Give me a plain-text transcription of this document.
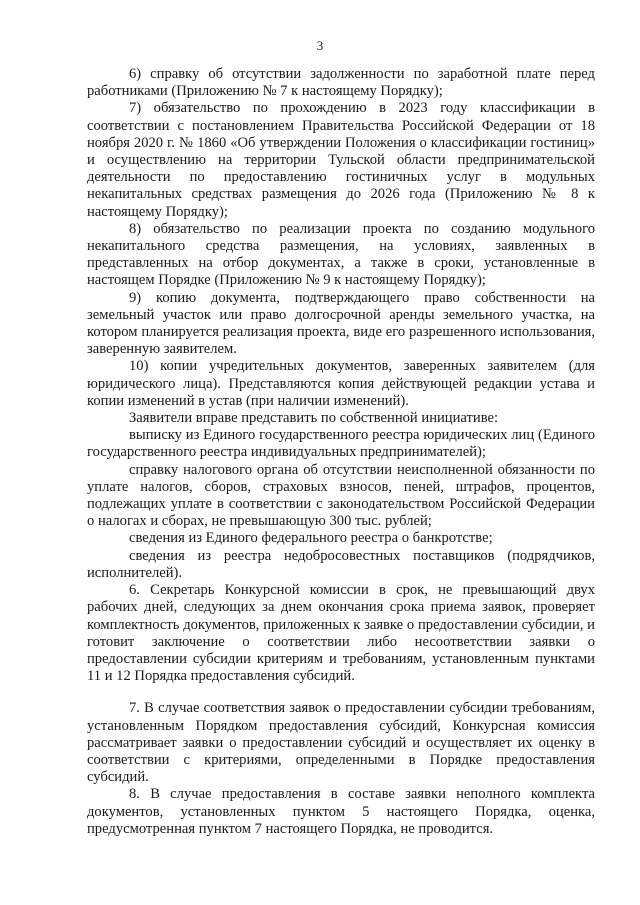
3

6) справку об отсутствии задолженности по заработной плате перед работниками (Приложению № 7 к настоящему Порядку);

7) обязательство по прохождению в 2023 году классификации в соответствии с постановлением Правительства Российской Федерации от 18 ноября 2020 г. № 1860 «Об утверждении Положения о классификации гостиниц» и осуществлению на территории Тульской области предпринимательской деятельности по предоставлению гостиничных услуг в модульных некапитальных средствах размещения до 2026 года (Приложению № 8 к настоящему Порядку);

8) обязательство по реализации проекта по созданию модульного некапитального средства размещения, на условиях, заявленных в представленных на отбор документах, а также в сроки, установленные в настоящем Порядке (Приложению № 9 к настоящему Порядку);

9) копию документа, подтверждающего право собственности на земельный участок или право долгосрочной аренды земельного участка, на котором планируется реализация проекта, виде его разрешенного использования, заверенную заявителем.

10) копии учредительных документов, заверенных заявителем (для юридического лица). Представляются копия действующей редакции устава и копии изменений в устав (при наличии изменений).

Заявители вправе представить по собственной инициативе:

выписку из Единого государственного реестра юридических лиц (Единого государственного реестра индивидуальных предпринимателей);

справку налогового органа об отсутствии неисполненной обязанности по уплате налогов, сборов, страховых взносов, пеней, штрафов, процентов, подлежащих уплате в соответствии с законодательством Российской Федерации о налогах и сборах, не превышающую 300 тыс. рублей;

сведения из Единого федерального реестра о банкротстве;

сведения из реестра недобросовестных поставщиков (подрядчиков, исполнителей).

6. Секретарь Конкурсной комиссии в срок, не превышающий двух рабочих дней, следующих за днем окончания срока приема заявок, проверяет комплектность документов, приложенных к заявке о предоставлении субсидии, и готовит заключение о соответствии либо несоответствии заявки о предоставлении субсидии критериям и требованиям, установленным пунктами 11 и 12 Порядка предоставления субсидий.

7. В случае соответствия заявок о предоставлении субсидии требованиям, установленным Порядком предоставления субсидий, Конкурсная комиссия рассматривает заявки о предоставлении субсидий и осуществляет их оценку в соответствии с критериями, определенными в Порядке предоставления субсидий.

8. В случае предоставления в составе заявки неполного комплекта документов, установленных пунктом 5 настоящего Порядка, оценка, предусмотренная пунктом 7 настоящего Порядка, не проводится.
